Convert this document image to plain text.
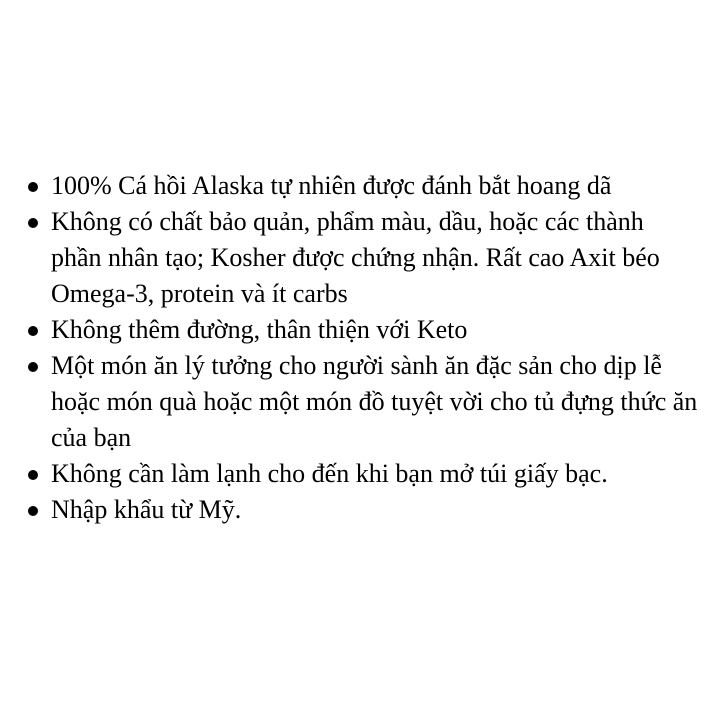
100% Cá hồi Alaska tự nhiên được đánh bắt hoang dã
Không có chất bảo quản, phẩm màu, dầu, hoặc các thành phần nhân tạo; Kosher được chứng nhận. Rất cao Axit béo Omega-3, protein và ít carbs
Không thêm đường, thân thiện với Keto
Một món ăn lý tưởng cho người sành ăn đặc sản cho dịp lễ hoặc món quà hoặc một món đồ tuyệt vời cho tủ đựng thức ăn của bạn
Không cần làm lạnh cho đến khi bạn mở túi giấy bạc.
Nhập khẩu từ Mỹ.
